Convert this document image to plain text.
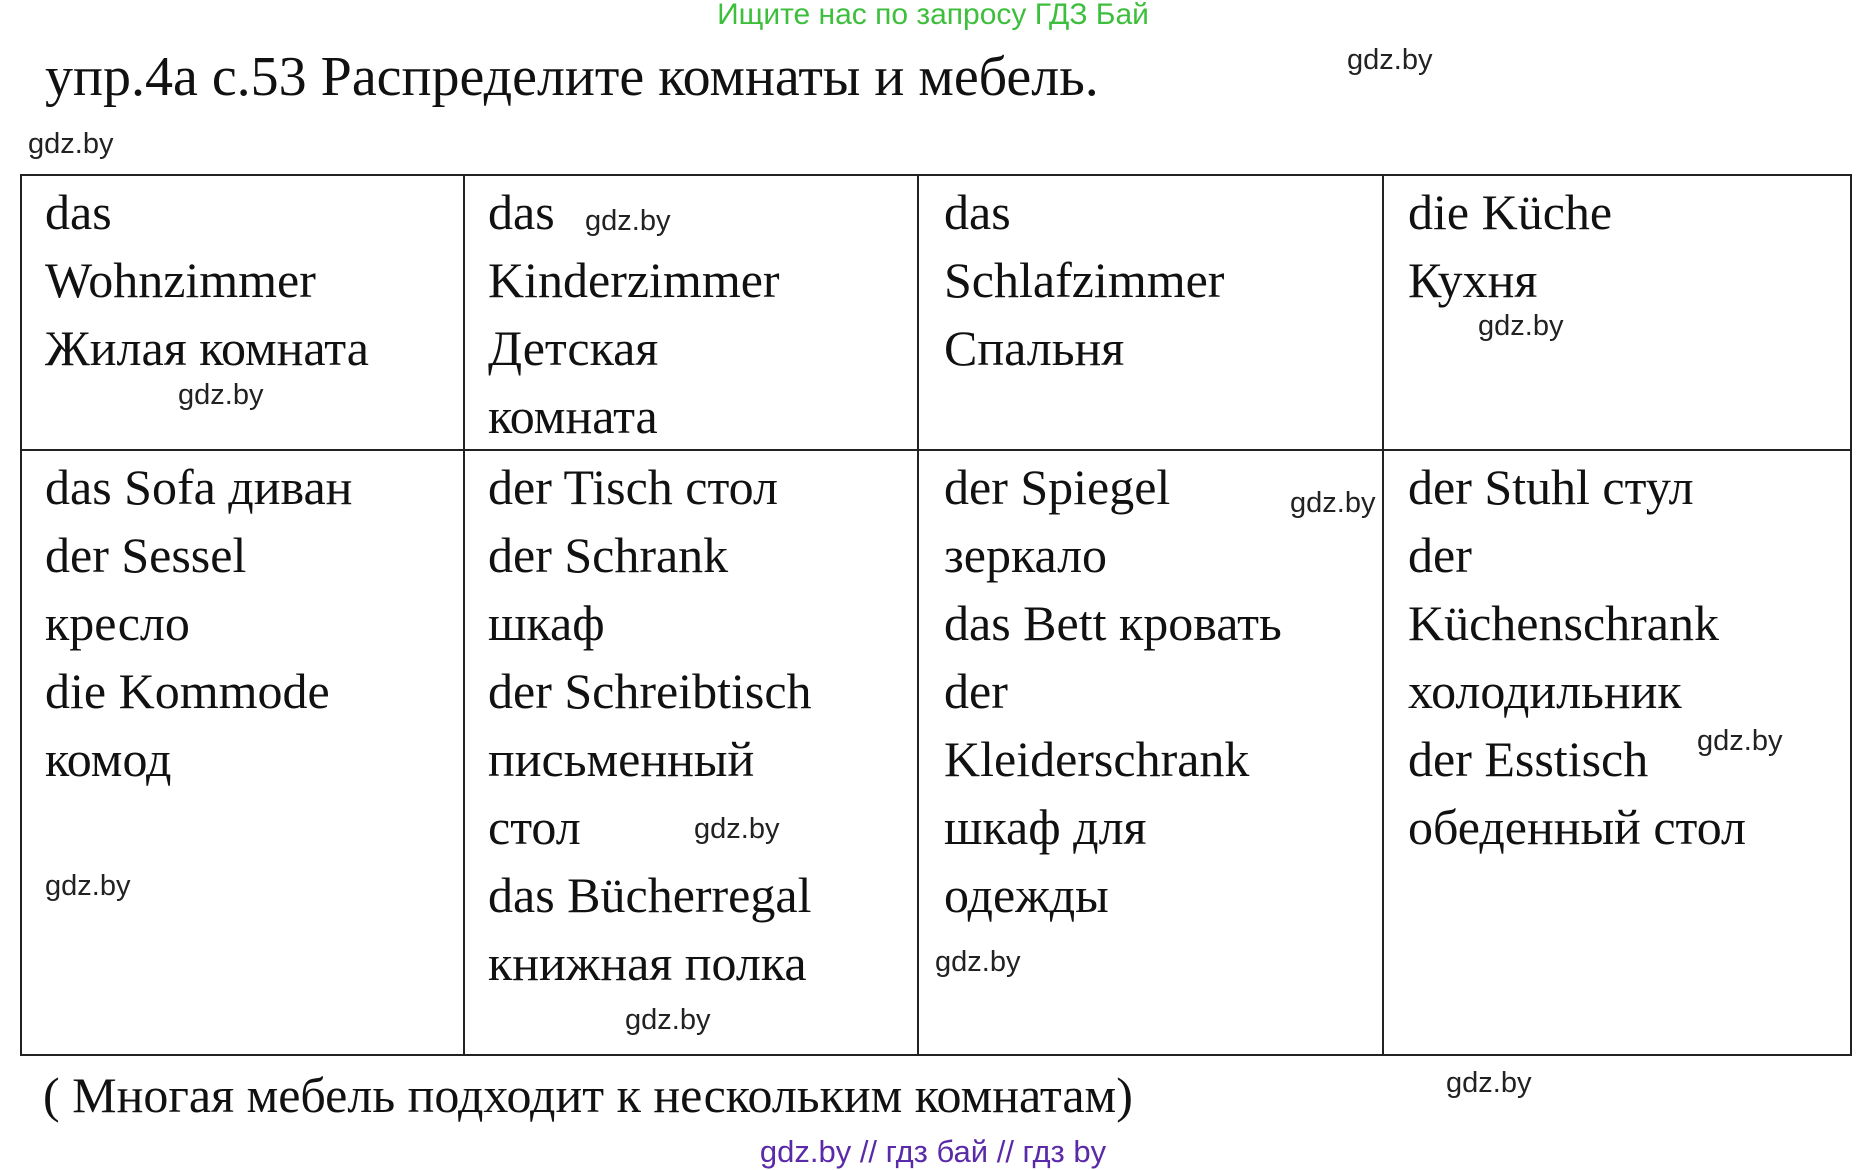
Ищите нас по запросу ГДЗ Бай
упр.4а с.53 Распределите комнаты и мебель.
das
Wohnzimmer
Жилая комната
das
Kinderzimmer
Детская
комната
das
Schlafzimmer
Спальня
die Küche
Кухня
das Sofa диван
der Sessel
кресло
die Kommode
комод
der Tisch стол
der Schrank
шкаф
der Schreibtisch
письменный
стол
das Bücherregal
книжная полка
der Spiegel
зеркало
das Bett кровать
der
Kleiderschrank
шкаф для
одежды
der Stuhl стул
der
Küchenschrank
холодильник
der Esstisch
обеденный стол
( Многая мебель подходит к нескольким комнатам)
gdz.by
gdz.by
gdz.by
gdz.by
gdz.by
gdz.by
gdz.by
gdz.by
gdz.by
gdz.by
gdz.by
gdz.by
gdz.by // гдз бай // гдз by
